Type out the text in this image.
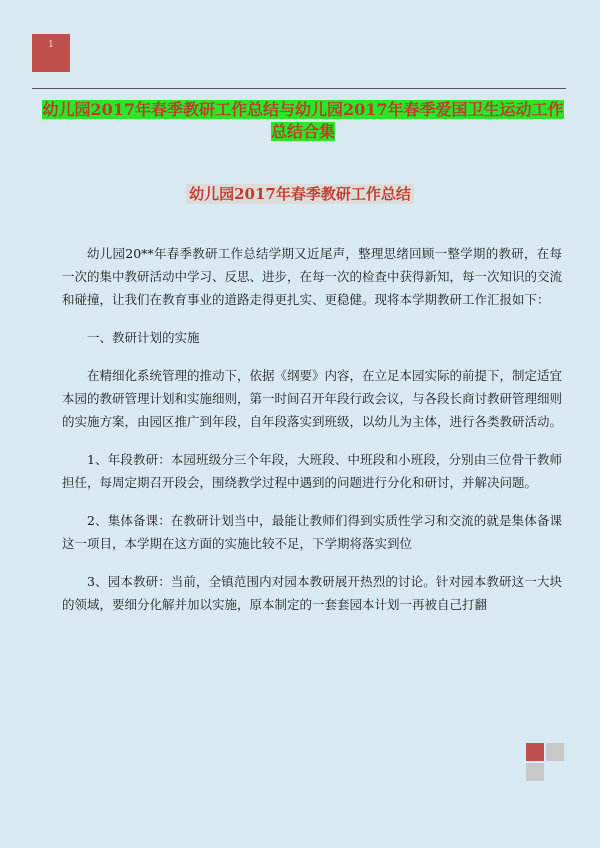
1
幼儿园2017年春季教研工作总结与幼儿园2017年春季爱国卫生运动工作总结合集
幼儿园2017年春季教研工作总结

幼儿园20**年春季教研工作总结学期又近尾声，整理思绪回顾一整学期的教研，在每一次的集中教研活动中学习、反思、进步，在每一次的检查中获得新知，每一次知识的交流和碰撞，让我们在教育事业的道路走得更扎实、更稳健。现将本学期教研工作汇报如下：

一、教研计划的实施

在精细化系统管理的推动下，依据《纲要》内容，在立足本园实际的前提下，制定适宜本园的教研管理计划和实施细则，第一时间召开年段行政会议，与各段长商讨教研管理细则的实施方案，由园区推广到年段，自年段落实到班级，以幼儿为主体，进行各类教研活动。

1、年段教研：本园班级分三个年段，大班段、中班段和小班段，分别由三位骨干教师担任，每周定期召开段会，围绕教学过程中遇到的问题进行分化和研讨，并解决问题。

2、集体备课：在教研计划当中，最能让教师们得到实质性学习和交流的就是集体备课这一项目，本学期在这方面的实施比较不足，下学期将落实到位

3、园本教研：当前，全镇范围内对园本教研展开热烈的讨论。针对园本教研这一大块的领域，要细分化解并加以实施，原本制定的一套套园本计划一再被自己打翻
